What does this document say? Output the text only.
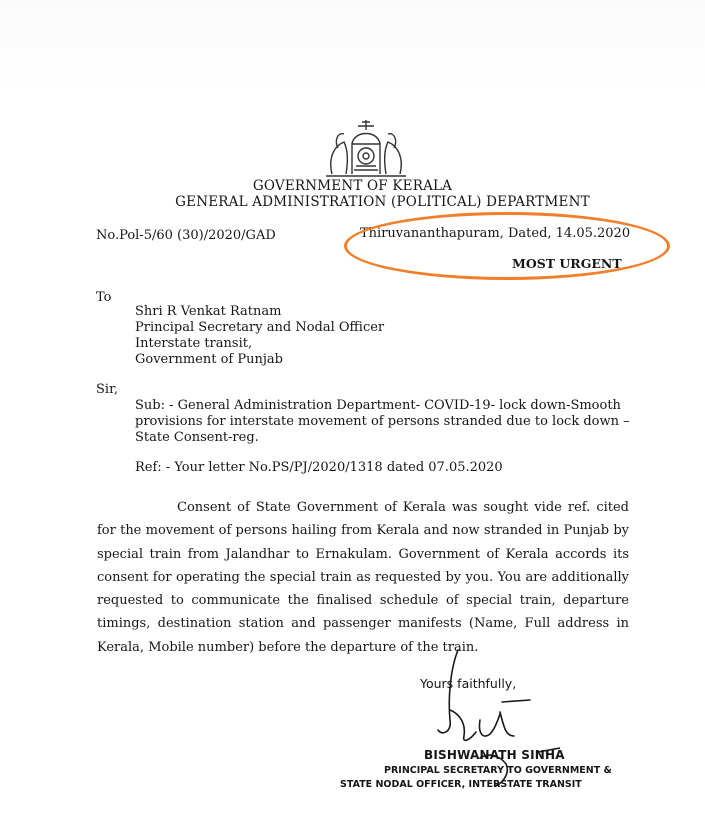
GOVERNMENT OF KERALA
GENERAL ADMINISTRATION (POLITICAL) DEPARTMENT
No.Pol-5/60 (30)/2020/GAD	Thiruvananthapuram, Dated, 14.05.2020
MOST URGENT
To
Shri R Venkat Ratnam
Principal Secretary and Nodal Officer
Interstate transit,
Government of Punjab
Sir,
Sub: - General Administration Department- COVID-19- lock down-Smooth provisions for interstate movement of persons stranded due to lock down – State Consent-reg.
Ref: - Your letter No.PS/PJ/2020/1318 dated 07.05.2020
Consent of State Government of Kerala was sought vide ref. cited for the movement of persons hailing from Kerala and now stranded in Punjab by special train from Jalandhar to Ernakulam. Government of Kerala accords its consent for operating the special train as requested by you. You are additionally requested to communicate the finalised schedule of special train, departure timings, destination station and passenger manifests (Name, Full address in Kerala, Mobile number) before the departure of the train.
Yours faithfully,
BISHWANATH SINHA
PRINCIPAL SECRETARY TO GOVERNMENT &
STATE NODAL OFFICER, INTERSTATE TRANSIT
